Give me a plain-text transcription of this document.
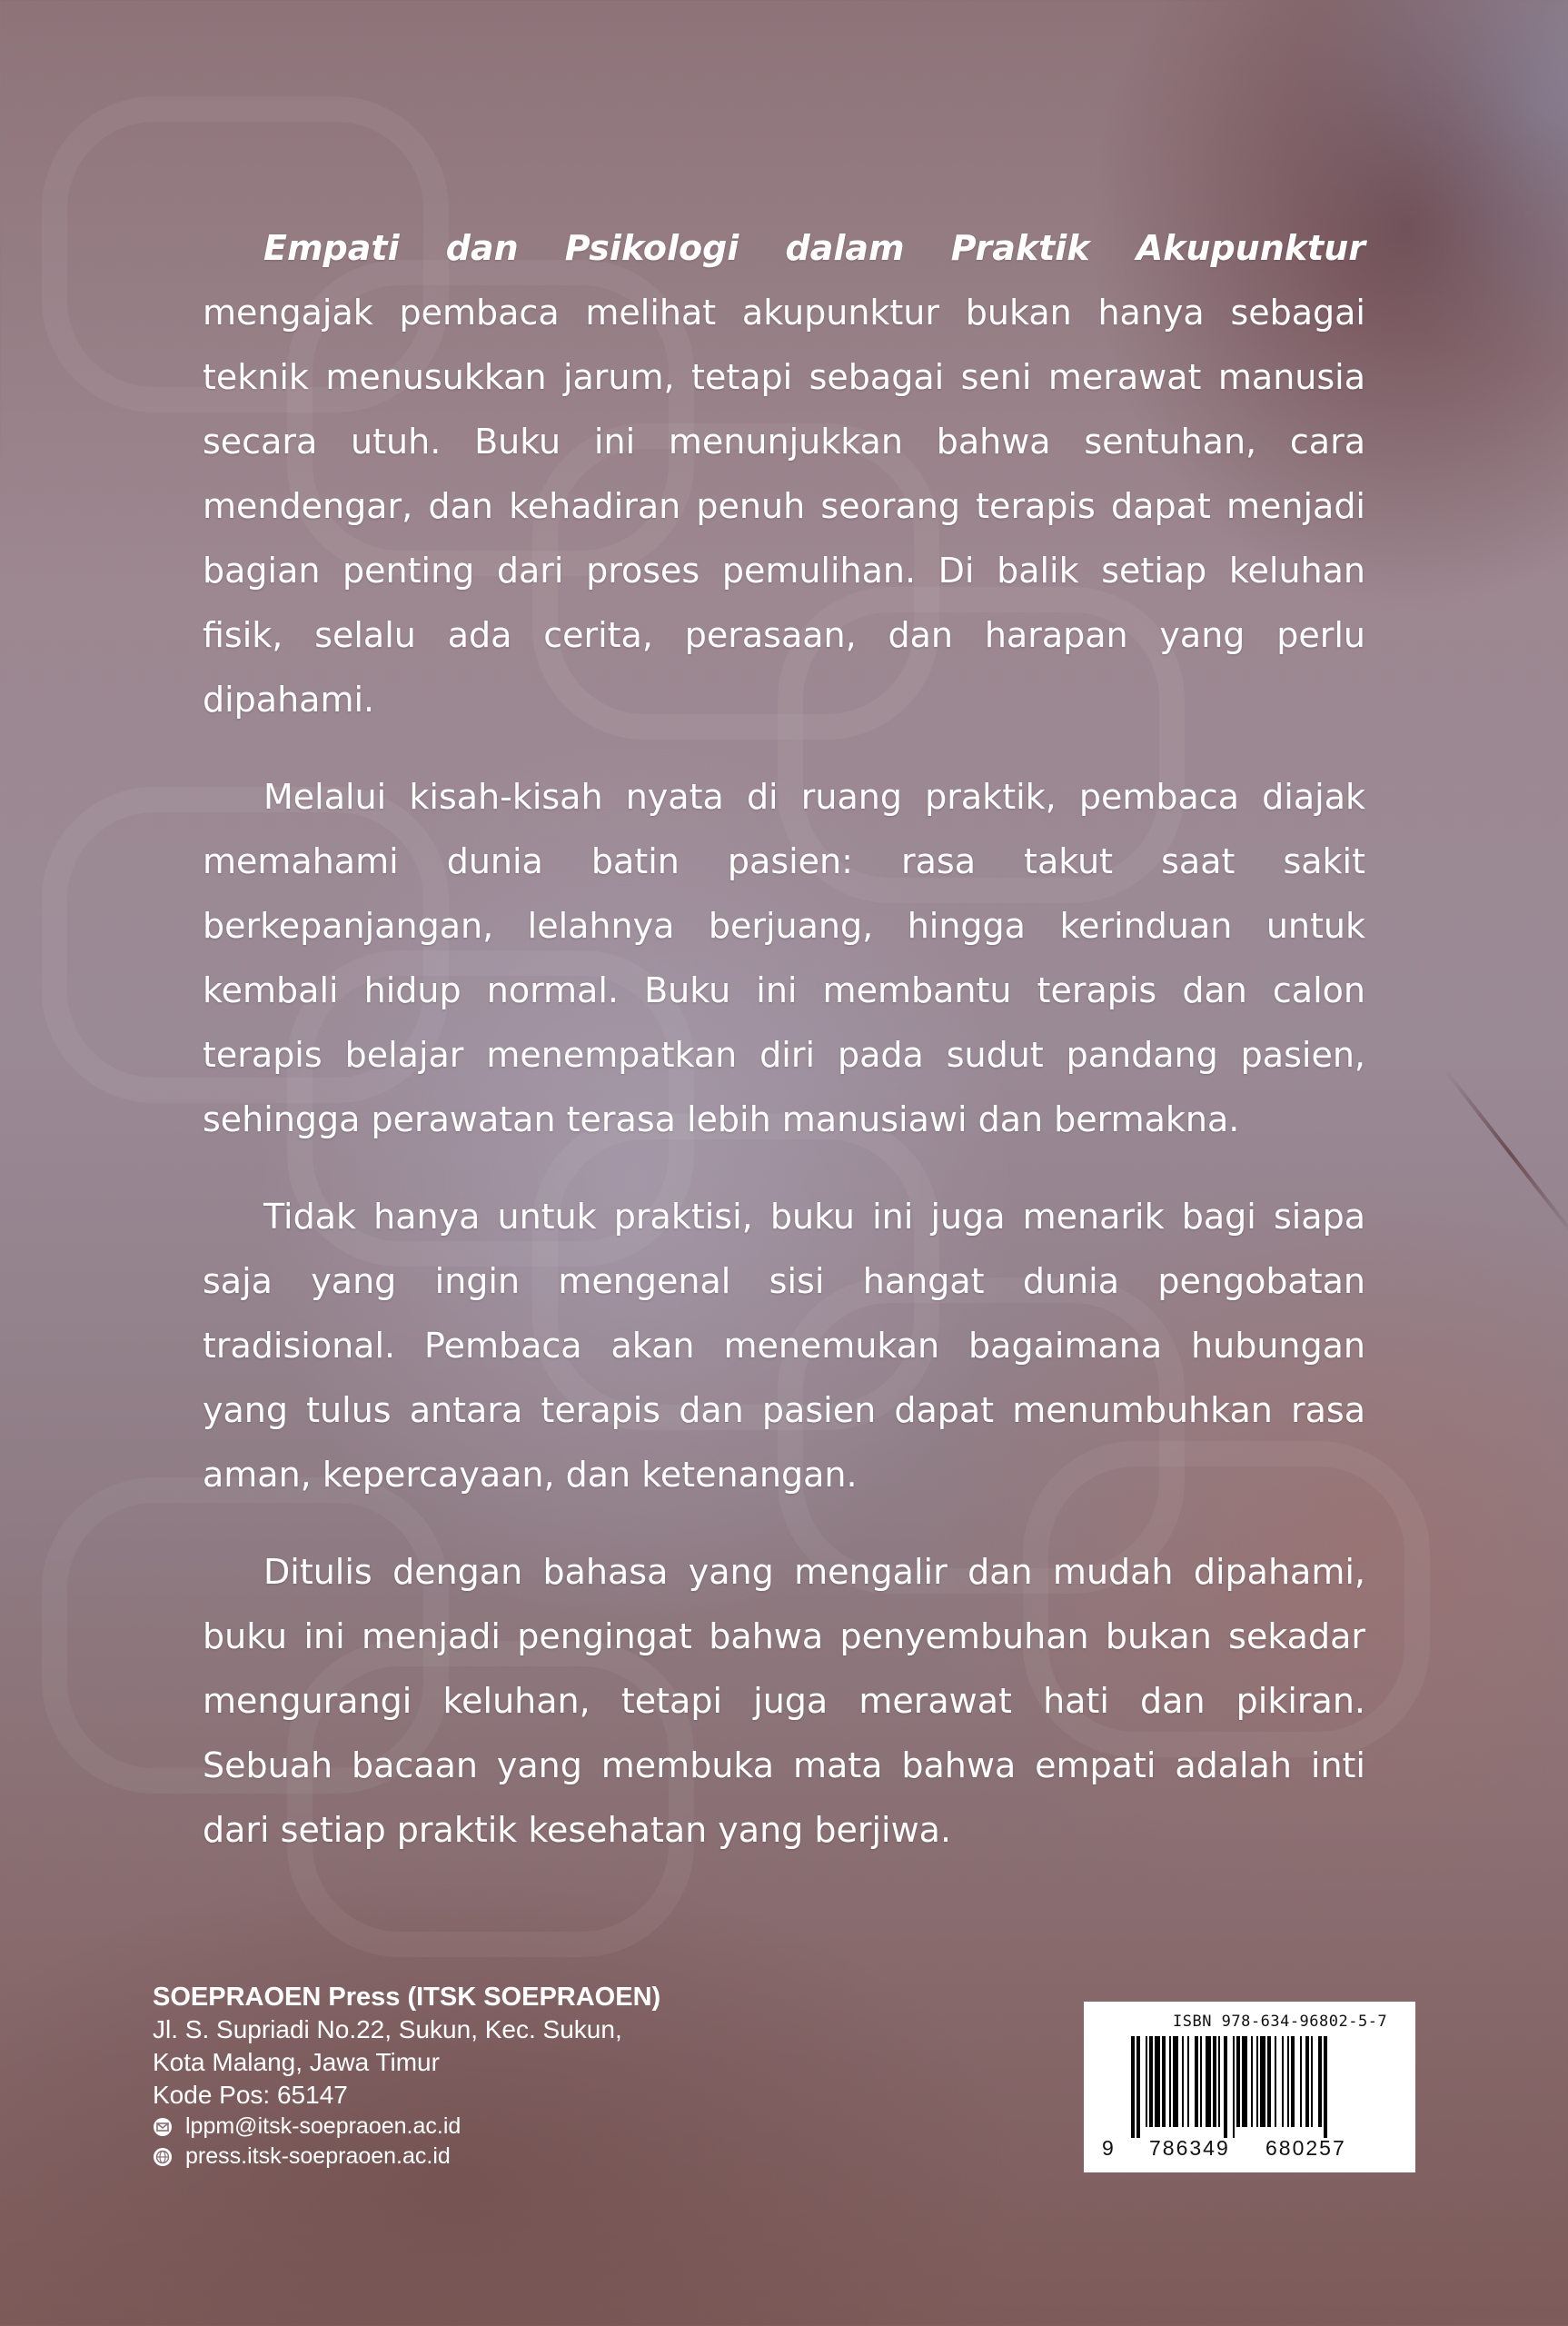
Empati dan Psikologi dalam Praktik Akupunktur mengajak pembaca melihat akupunktur bukan hanya sebagai teknik menusukkan jarum, tetapi sebagai seni merawat manusia secara utuh. Buku ini menunjukkan bahwa sentuhan, cara mendengar, dan kehadiran penuh seorang terapis dapat menjadi bagian penting dari proses pemulihan. Di balik setiap keluhan fisik, selalu ada cerita, perasaan, dan harapan yang perlu dipahami.

Melalui kisah-kisah nyata di ruang praktik, pembaca diajak memahami dunia batin pasien: rasa takut saat sakit berkepanjangan, lelahnya berjuang, hingga kerinduan untuk kembali hidup normal. Buku ini membantu terapis dan calon terapis belajar menempatkan diri pada sudut pandang pasien, sehingga perawatan terasa lebih manusiawi dan bermakna.

Tidak hanya untuk praktisi, buku ini juga menarik bagi siapa saja yang ingin mengenal sisi hangat dunia pengobatan tradisional. Pembaca akan menemukan bagaimana hubungan yang tulus antara terapis dan pasien dapat menumbuhkan rasa aman, kepercayaan, dan ketenangan.

Ditulis dengan bahasa yang mengalir dan mudah dipahami, buku ini menjadi pengingat bahwa penyembuhan bukan sekadar mengurangi keluhan, tetapi juga merawat hati dan pikiran. Sebuah bacaan yang membuka mata bahwa empati adalah inti dari setiap praktik kesehatan yang berjiwa.

SOEPRAOEN Press (ITSK SOEPRAOEN)
Jl. S. Supriadi No.22, Sukun, Kec. Sukun,
Kota Malang, Jawa Timur
Kode Pos: 65147
lppm@itsk-soepraoen.ac.id
press.itsk-soepraoen.ac.id
ISBN 978-634-96802-5-7
9 786349 680257
